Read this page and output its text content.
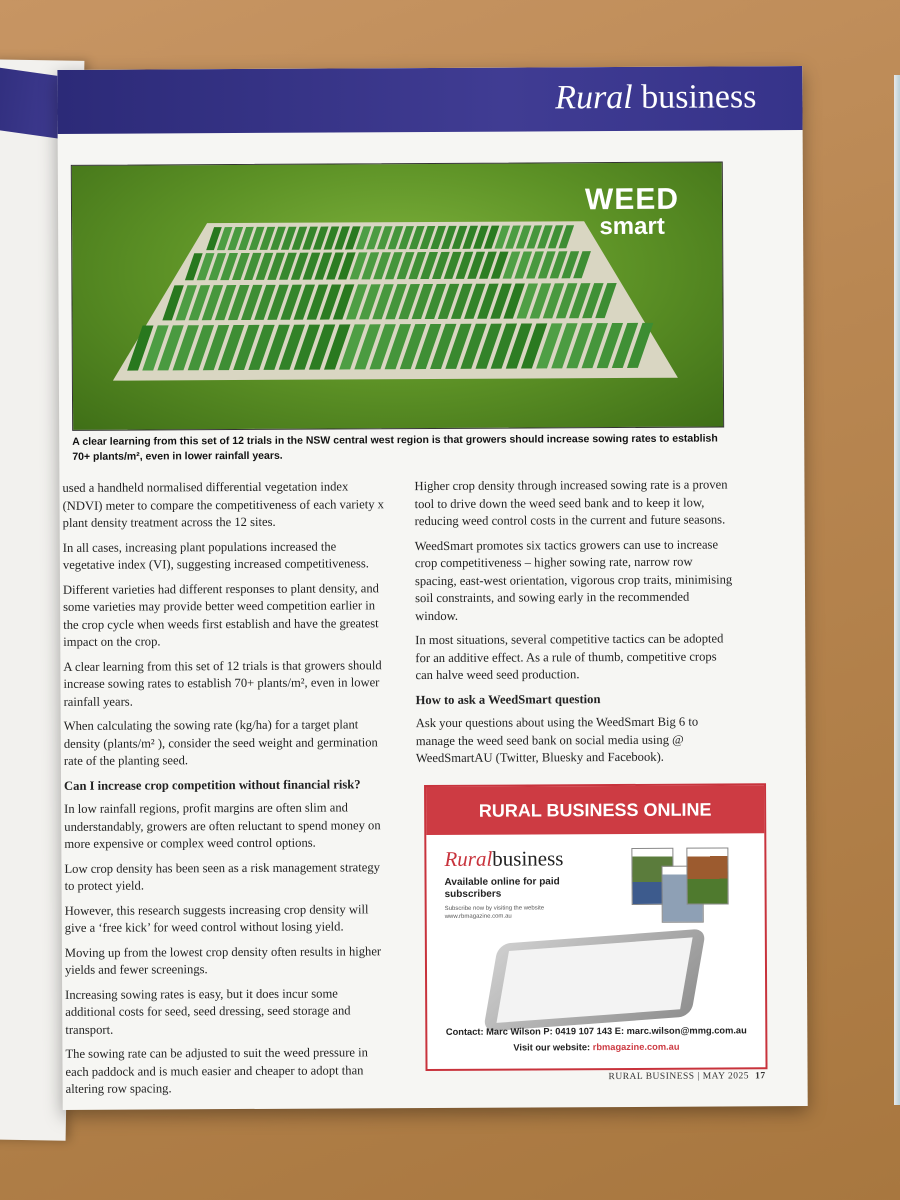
Rural business
WEED
smart
A clear learning from this set of 12 trials in the NSW central west region is that growers should increase sowing rates to establish 70+ plants/m², even in lower rainfall years.

used a handheld normalised differential vegetation index (NDVI) meter to compare the competitiveness of each variety x plant density treatment across the 12 sites.

In all cases, increasing plant populations increased the vegetative index (VI), suggesting increased competitiveness.

Different varieties had different responses to plant density, and some varieties may provide better weed competition earlier in the crop cycle when weeds first establish and have the greatest impact on the crop.

A clear learning from this set of 12 trials is that growers should increase sowing rates to establish 70+ plants/m², even in lower rainfall years.

When calculating the sowing rate (kg/ha) for a target plant density (plants/m² ), consider the seed weight and germination rate of the planting seed.

Can I increase crop competition without financial risk?

In low rainfall regions, profit margins are often slim and understandably, growers are often reluctant to spend money on more expensive or complex weed control options.

Low crop density has been seen as a risk management strategy to protect yield.

However, this research suggests increasing crop density will give a ‘free kick’ for weed control without losing yield.

Moving up from the lowest crop density often results in higher yields and fewer screenings.

Increasing sowing rates is easy, but it does incur some additional costs for seed, seed dressing, seed storage and transport.

The sowing rate can be adjusted to suit the weed pressure in each paddock and is much easier and cheaper to adopt than altering row spacing.

Higher crop density through increased sowing rate is a proven tool to drive down the weed seed bank and to keep it low, reducing weed control costs in the current and future seasons.

WeedSmart promotes six tactics growers can use to increase crop competitiveness – higher sowing rate, narrow row spacing, east-west orientation, vigorous crop traits, minimising soil constraints, and sowing early in the recommended window.

In most situations, several competitive tactics can be adopted for an additive effect. As a rule of thumb, competitive crops can halve weed seed production.

How to ask a WeedSmart question

Ask your questions about using the WeedSmart Big 6 to manage the weed seed bank on social media using @ WeedSmartAU (Twitter, Bluesky and Facebook).

RURAL BUSINESS ONLINE
Ruralbusiness
Available online for paid subscribers
Subscribe now by visiting the website www.rbmagazine.com.au
Contact: Marc Wilson P: 0419 107 143 E: marc.wilson@mmg.com.au
Visit our website: rbmagazine.com.au
RURAL BUSINESS | MAY 2025 17
